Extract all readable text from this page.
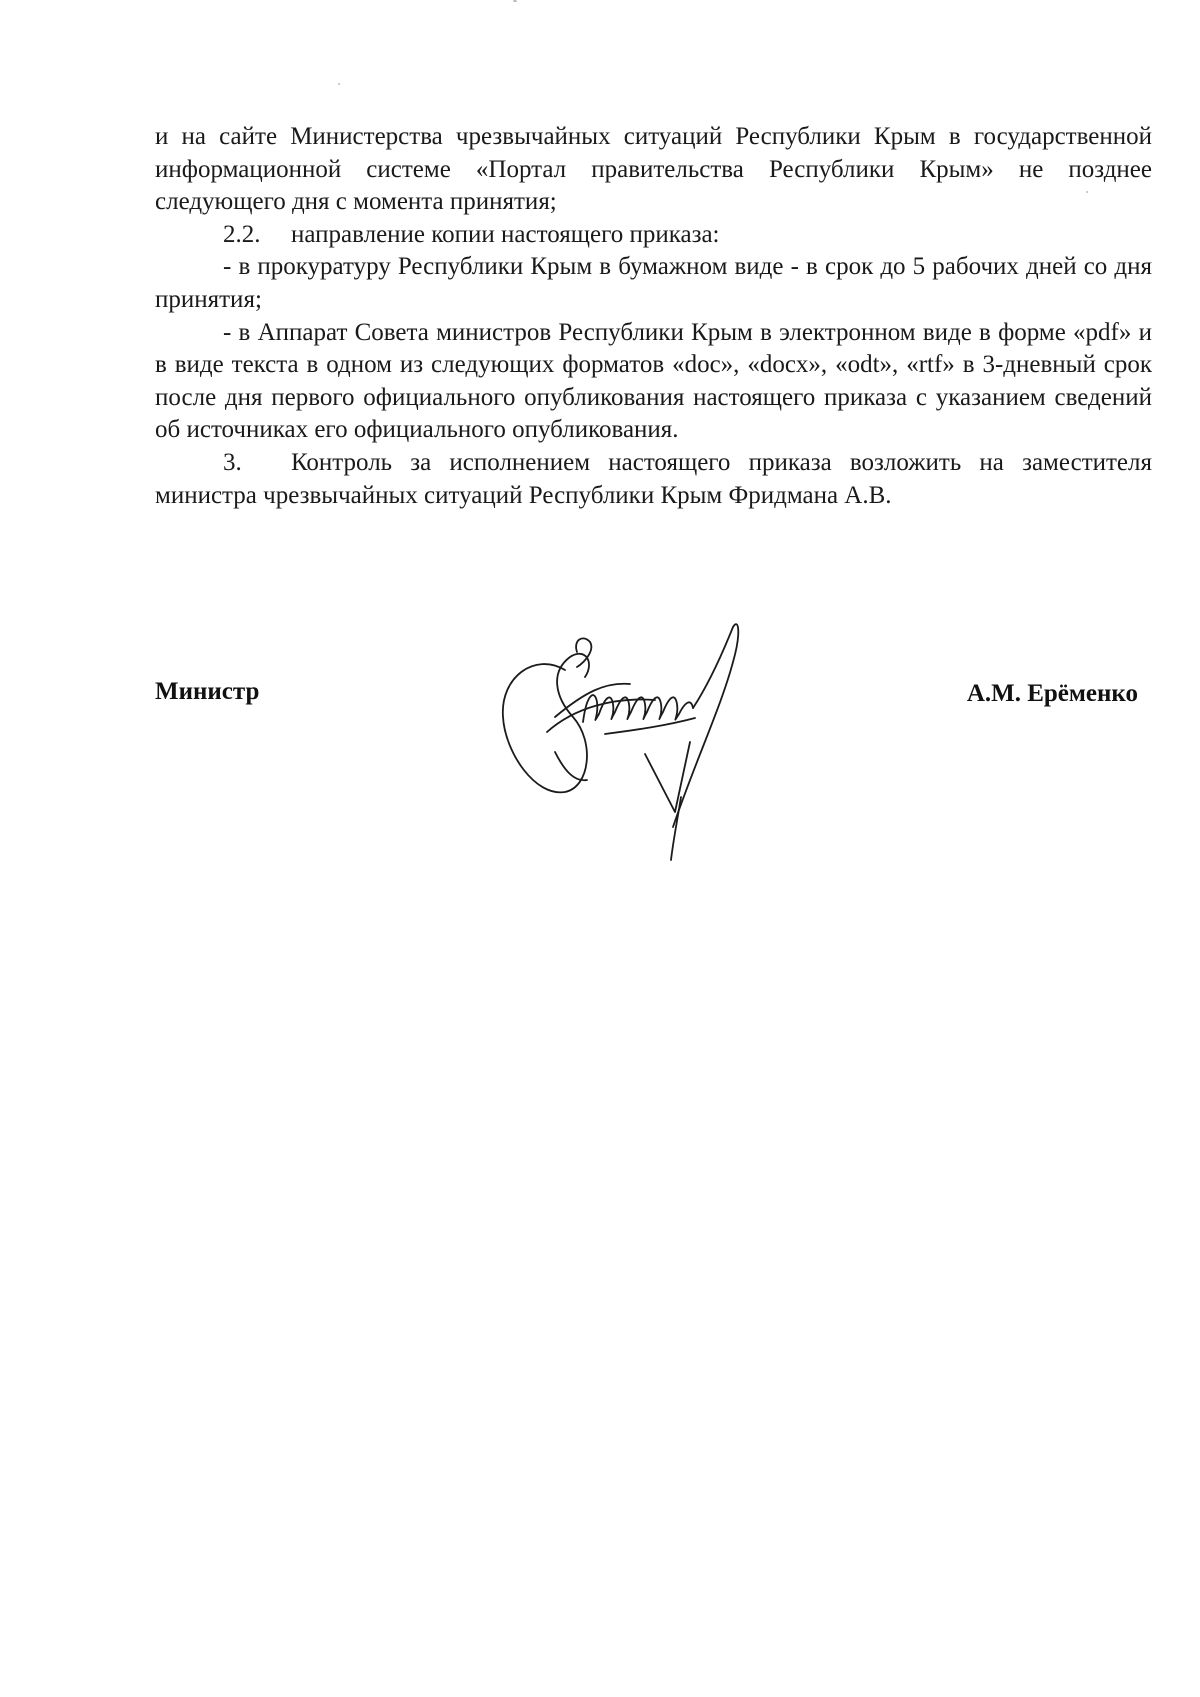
и на сайте Министерства чрезвычайных ситуаций Республики Крым в государственной информационной системе «Портал правительства Республики Крым» не позднее следующего дня с момента принятия;

2.2. направление копии настоящего приказа:

- в прокуратуру Республики Крым в бумажном виде - в срок до 5 рабочих дней со дня принятия;

- в Аппарат Совета министров Республики Крым в электронном виде в форме «pdf» и в виде текста в одном из следующих форматов «doc», «docx», «odt», «rtf» в 3-дневный срок после дня первого официального опубликования настоящего приказа с указанием сведений об источниках его официального опубликования.

3. Контроль за исполнением настоящего приказа возложить на заместителя министра чрезвычайных ситуаций Республики Крым Фридмана А.В.

Министр	А.М. Ерёменко
